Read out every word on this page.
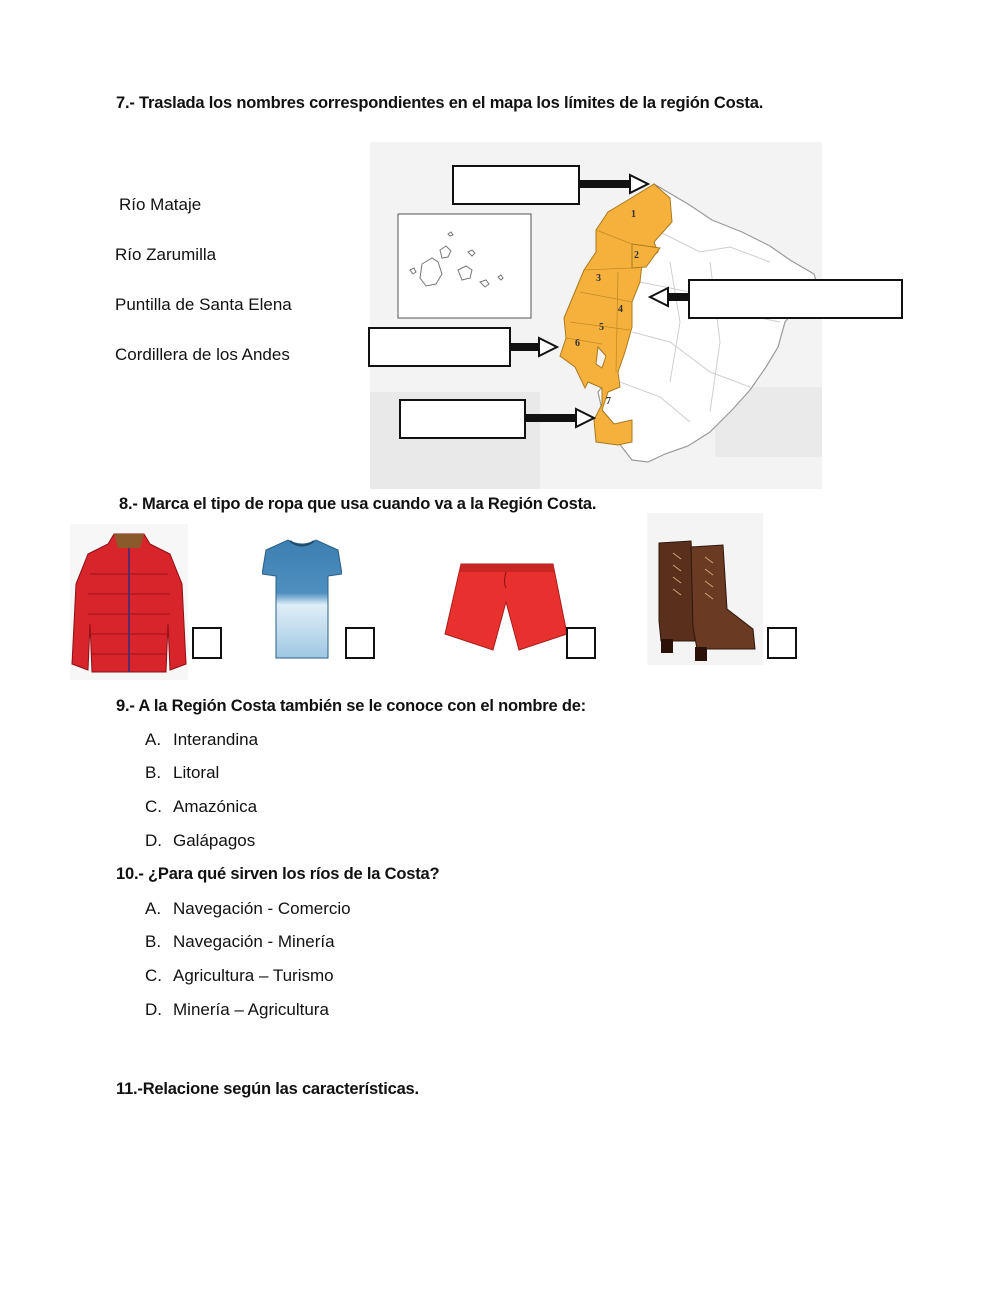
7.- Traslada los nombres correspondientes en el mapa los límites de la región Costa.
Río Mataje
Río Zarumilla
Puntilla de Santa Elena
Cordillera de los Andes
1
2
3
4
5
6
7
8.- Marca el tipo de ropa que usa cuando va a la Región Costa.
9.- A la Región Costa también se le conoce con el nombre de:
A. Interandina
B. Litoral
C. Amazónica
D. Galápagos
10.- ¿Para qué sirven los ríos de la Costa?
A. Navegación - Comercio
B. Navegación - Minería
C. Agricultura – Turismo
D. Minería – Agricultura
11.-Relacione según las características.
